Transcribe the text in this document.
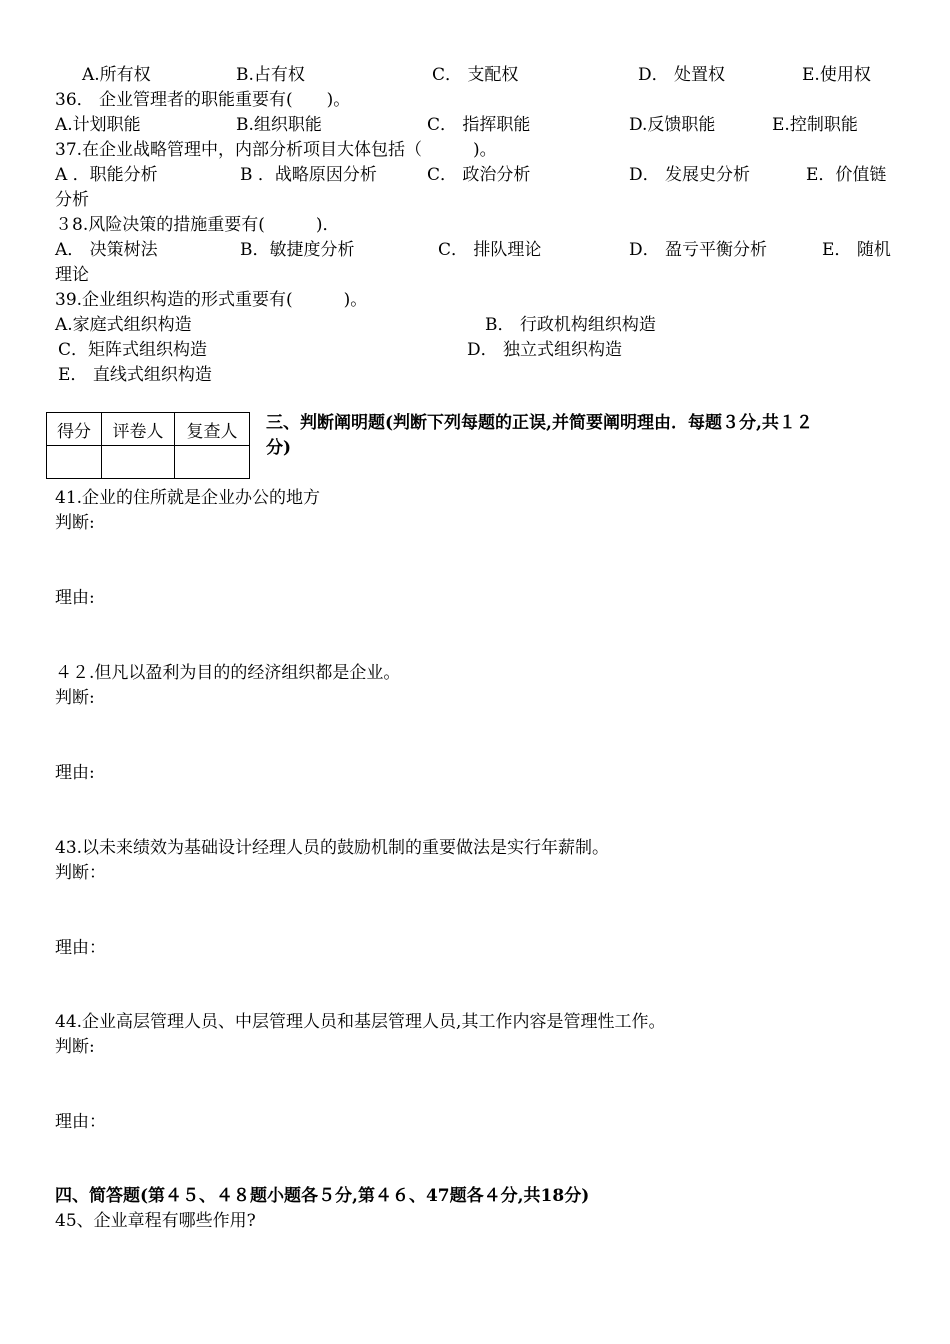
A.所有权	B.占有权	C． 支配权	D． 处置权	E.使用权
36． 企业管理者的职能重要有(　　)。
A.计划职能	B.组织职能	C． 指挥职能	D.反馈职能	E.控制职能
37.在企业战略管理中，内部分析项目大体包括（　　　)。
A ．职能分析	B ．战略原因分析	C． 政治分析	D． 发展史分析	E．价值链
分析
３8.风险决策的措施重要有(　　　)．
A． 决策树法	B．敏捷度分析	C． 排队理论	D． 盈亏平衡分析	E． 随机
理论
39.企业组织构造的形式重要有(　　　)。
A.家庭式组织构造	B． 行政机构组织构造
C．矩阵式组织构造	D． 独立式组织构造
E． 直线式组织构造
得分	评卷人	复查人
		三、判断阐明题(判断下列每题的正误,并简要阐明理由．每题３分,共１２
分)
41.企业的住所就是企业办公的地方
判断:
理由:
４２.但凡以盈利为目的的经济组织都是企业。
判断:
理由:
43.以未来绩效为基础设计经理人员的鼓励机制的重要做法是实行年薪制。
判断：
理由：
44.企业高层管理人员、中层管理人员和基层管理人员,其工作内容是管理性工作。
判断:
理由：
四、简答题(第４５、４８题小题各５分,第４６、47题各４分,共18分)
45、企业章程有哪些作用?
